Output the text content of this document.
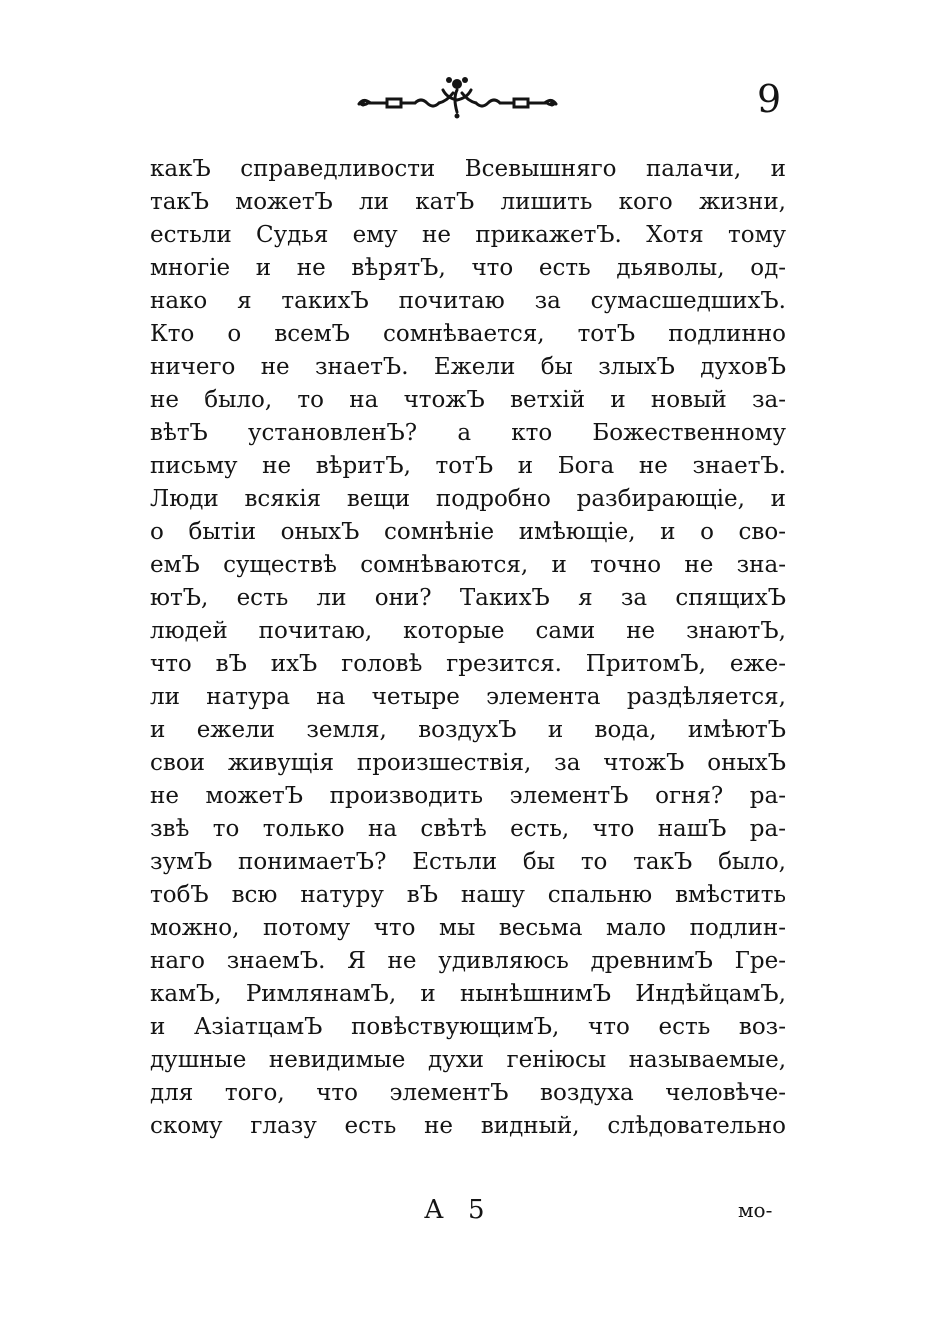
9
какЪ справедливости Всевышняго палачи, и
такЪ можетЪ ли катЪ лишить кого жизни,
естьли Судья ему не прикажетЪ. Хотя тому
многіе и не вѣрятЪ, что есть дьяволы, од-
нако я такихЪ почитаю за сумасшедшихЪ.
Кто о всемЪ сомнѣвается, тотЪ подлинно
ничего не знаетЪ. Ежели бы злыхЪ духовЪ
не было, то на чтожЪ ветхій и новый за-
вѣтЪ установленЪ? а кто Божественному
письму не вѣритЪ, тотЪ и Бога не знаетЪ.
Люди всякія вещи подробно разбирающіе, и
о бытіи оныхЪ сомнѣніе имѣющіе, и о сво-
емЪ существѣ сомнѣваются, и точно не зна-
ютЪ, есть ли они? ТакихЪ я за спящихЪ
людей почитаю, которые сами не знаютЪ,
что вЪ ихЪ головѣ грезится. ПритомЪ, еже-
ли натура на четыре элемента раздѣляется,
и ежели земля, воздухЪ и вода, имѣютЪ
свои живущія произшествія, за чтожЪ оныхЪ
не можетЪ производить элементЪ огня? ра-
звѣ то только на свѣтѣ есть, что нашЪ ра-
зумЪ понимаетЪ? Естьли бы то такЪ было,
тобЪ всю натуру вЪ нашу спальню вмѣстить
можно, потому что мы весьма мало подлин-
наго знаемЪ. Я не удивляюсь древнимЪ Гре-
камЪ, РимлянамЪ, и нынѣшнимЪ ИндѣйцамЪ,
и АзіатцамЪ повѣствующимЪ, что есть воз-
душные невидимые духи геніюсы называемые,
для того, что элементЪ воздуха человѣче-
скому глазу есть не видный, слѣдовательно
А 5	мо-
